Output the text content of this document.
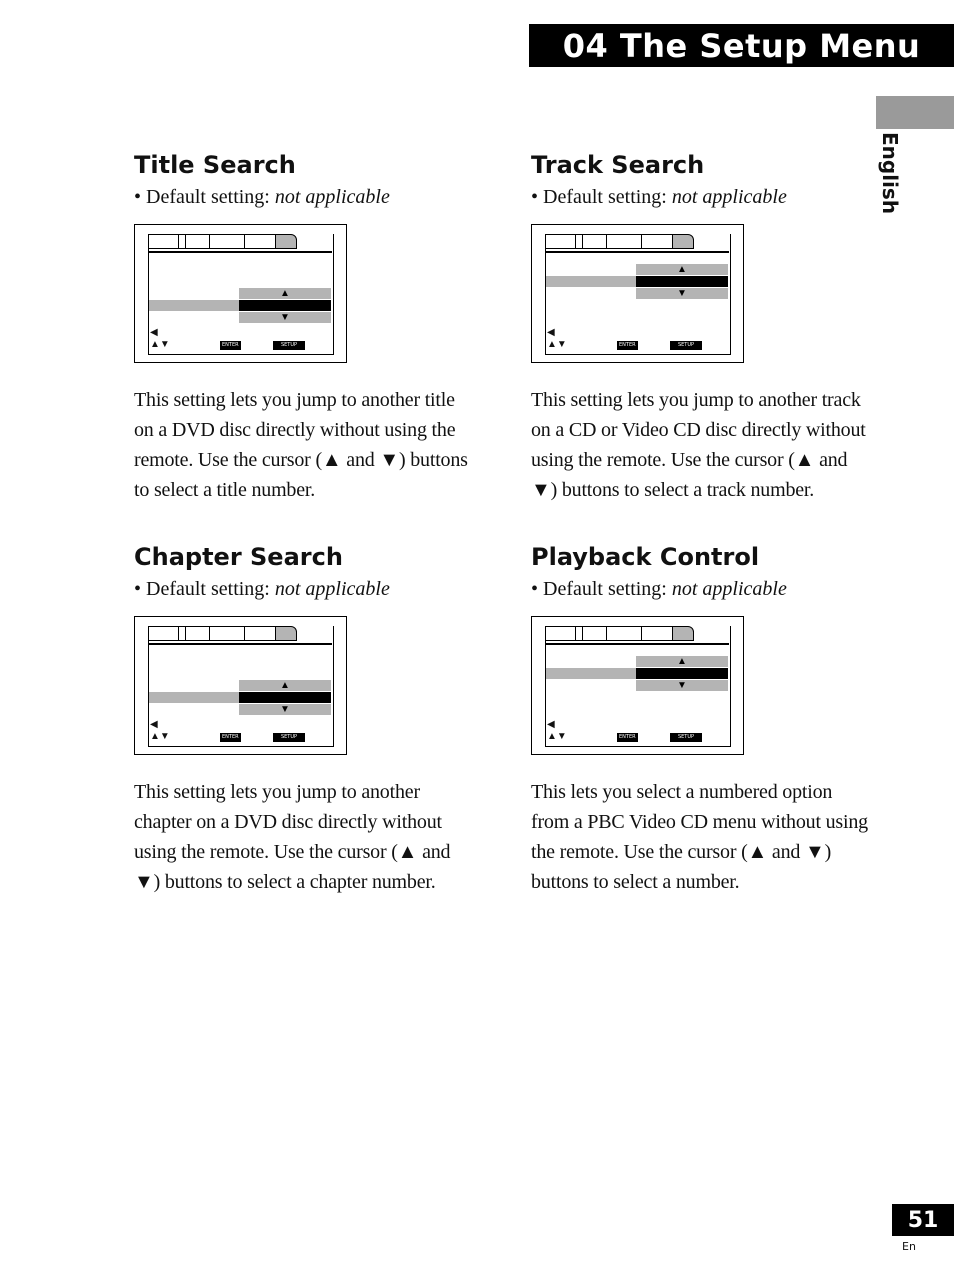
04 The Setup Menu
English
Title Search
• Default setting: not applicable
▲
▼
◀
▲▼	ENTER	SETUP
This setting lets you jump to another title on a DVD disc directly without using the remote. Use the cursor (▲ and ▼) buttons to select a title number.
Track Search
• Default setting: not applicable
▲
▼
◀
▲▼	ENTER	SETUP
This setting lets you jump to another track on a CD or Video CD disc directly without using the remote. Use the cursor (▲ and ▼) buttons to select a track number.
Chapter Search
• Default setting: not applicable
▲
▼
◀
▲▼	ENTER	SETUP
This setting lets you jump to another chapter on a DVD disc directly without using the remote. Use the cursor (▲ and ▼) buttons to select a chapter number.
Playback Control
• Default setting: not applicable
▲
▼
◀
▲▼	ENTER	SETUP
This lets you select a numbered option from a PBC Video CD menu without using the remote. Use the cursor (▲ and ▼) buttons to select a number.
51
En
